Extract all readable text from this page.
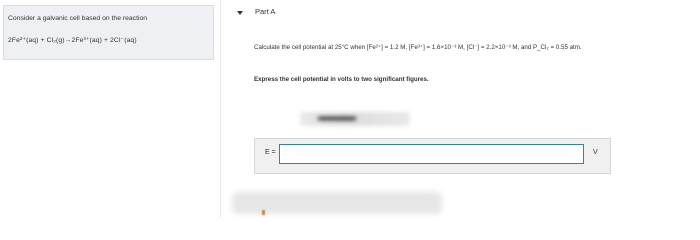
Consider a galvanic cell based on the reaction
2Fe²⁺(aq) + Cl₂(g)→2Fe³⁺(aq) + 2Cl⁻(aq)
Part A
Calculate the cell potential at 25°C when [Fe²⁺] = 1.2 M, [Fe³⁺] = 1.6×10⁻³ M, [Cl⁻] = 2.2×10⁻³ M, and P_Cl₂ = 0.55 atm.
Express the cell potential in volts to two significant figures.
E =	V
